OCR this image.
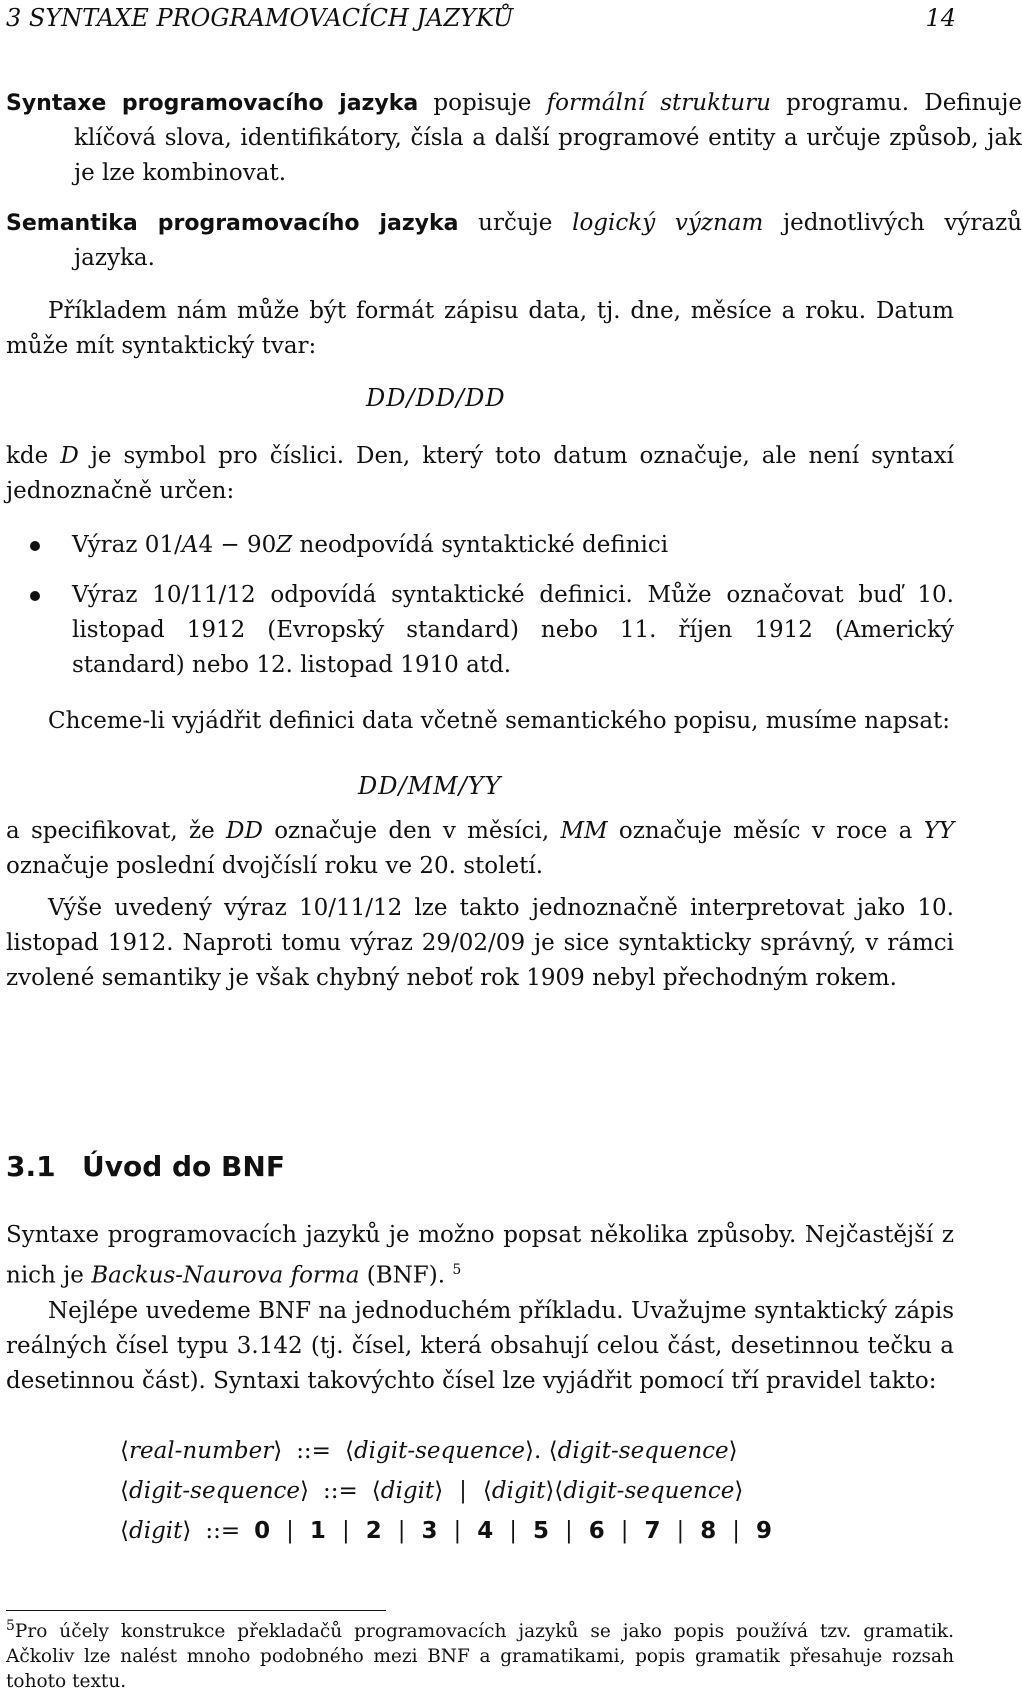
3 SYNTAXE PROGRAMOVACÍCH JAZYKŮ	14

Syntaxe programovacího jazyka popisuje formální strukturu programu. Definuje klíčová slova, identifikátory, čísla a další programové entity a určuje způsob, jak je lze kombinovat.

Semantika programovacího jazyka určuje logický význam jednotlivých výrazů jazyka.

Příkladem nám může být formát zápisu data, tj. dne, měsíce a roku. Datum může mít syntaktický tvar:

DD/DD/DD

kde D je symbol pro číslici. Den, který toto datum označuje, ale není syntaxí jednoznačně určen:

Výraz 01/A4 − 90Z neodpovídá syntaktické definici

Výraz 10/11/12 odpovídá syntaktické definici. Může označovat buď 10. listopad 1912 (Evropský standard) nebo 11. říjen 1912 (Americký standard) nebo 12. listopad 1910 atd.

Chceme-li vyjádřit definici data včetně semantického popisu, musíme napsat:

DD/MM/YY

a specifikovat, že DD označuje den v měsíci, MM označuje měsíc v roce a YY označuje poslední dvojčíslí roku ve 20. století.

Výše uvedený výraz 10/11/12 lze takto jednoznačně interpretovat jako 10. listopad 1912. Naproti tomu výraz 29/02/09 je sice syntakticky správný, v rámci zvolené semantiky je však chybný neboť rok 1909 nebyl přechodným rokem.

3.1 Úvod do BNF

Syntaxe programovacích jazyků je možno popsat několika způsoby. Nejčastější z nich je Backus-Naurova forma (BNF). $^5$

Nejlépe uvedeme BNF na jednoduchém příkladu. Uvažujme syntaktický zápis reálných čísel typu 3.142 (tj. čísel, která obsahují celou část, desetinnou tečku a desetinnou část). Syntaxi takovýchto čísel lze vyjádřit pomocí tří pravidel takto:

⟨real-number⟩ ::= ⟨digit-sequence⟩. ⟨digit-sequence⟩
⟨digit-sequence⟩ ::= ⟨digit⟩ | ⟨digit⟩⟨digit-sequence⟩
⟨digit⟩ ::= 0 | 1 | 2 | 3 | 4 | 5 | 6 | 7 | 8 | 9

$^5$Pro účely konstrukce překladačů programovacích jazyků se jako popis používá tzv. gramatik. Ačkoliv lze nalést mnoho podobného mezi BNF a gramatikami, popis gramatik přesahuje rozsah tohoto textu.
